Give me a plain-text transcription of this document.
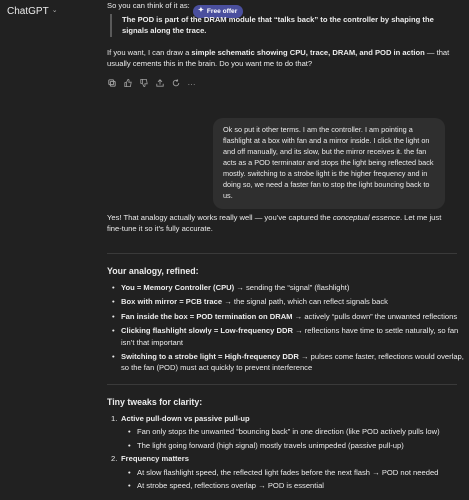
ChatGPT ⌄	✦ Free offer

So you can think of it as:

The POD is part of the DRAM module that “talks back” to the controller by shaping the signals along the trace.

If you want, I can draw a simple schematic showing CPU, trace, DRAM, and POD in action — that usually cements this in the brain. Do you want me to do that?

···
Ok so put it other terms. I am the controller. I am pointing a flashlight at a box with fan and a mirror inside. I click the light on and off manually, and its slow, but the mirror receives it. the fan acts as a POD terminator and stops the light being reflected back mostly. switching to a strobe light is the higher frequency and in doing so, we need a faster fan to stop the light bouncing back to us.

Yes! That analogy actually works really well — you’ve captured the conceptual essence. Let me just fine-tune it so it’s fully accurate.

Your analogy, refined:
• You = Memory Controller (CPU) → sending the “signal” (flashlight)
• Box with mirror = PCB trace → the signal path, which can reflect signals back
• Fan inside the box = POD termination on DRAM → actively “pulls down” the unwanted reflections
• Clicking flashlight slowly = Low-frequency DDR → reflections have time to settle naturally, so fan isn’t that important
• Switching to a strobe light = High-frequency DDR → pulses come faster, reflections would overlap, so the fan (POD) must act quickly to prevent interference
Tiny tweaks for clarity:
1. Active pull-down vs passive pull-up
• Fan only stops the unwanted “bouncing back” in one direction (like POD actively pulls low)
• The light going forward (high signal) mostly travels unimpeded (passive pull-up)
2. Frequency matters
• At slow flashlight speed, the reflected light fades before the next flash → POD not needed
• At strobe speed, reflections overlap → POD is essential
